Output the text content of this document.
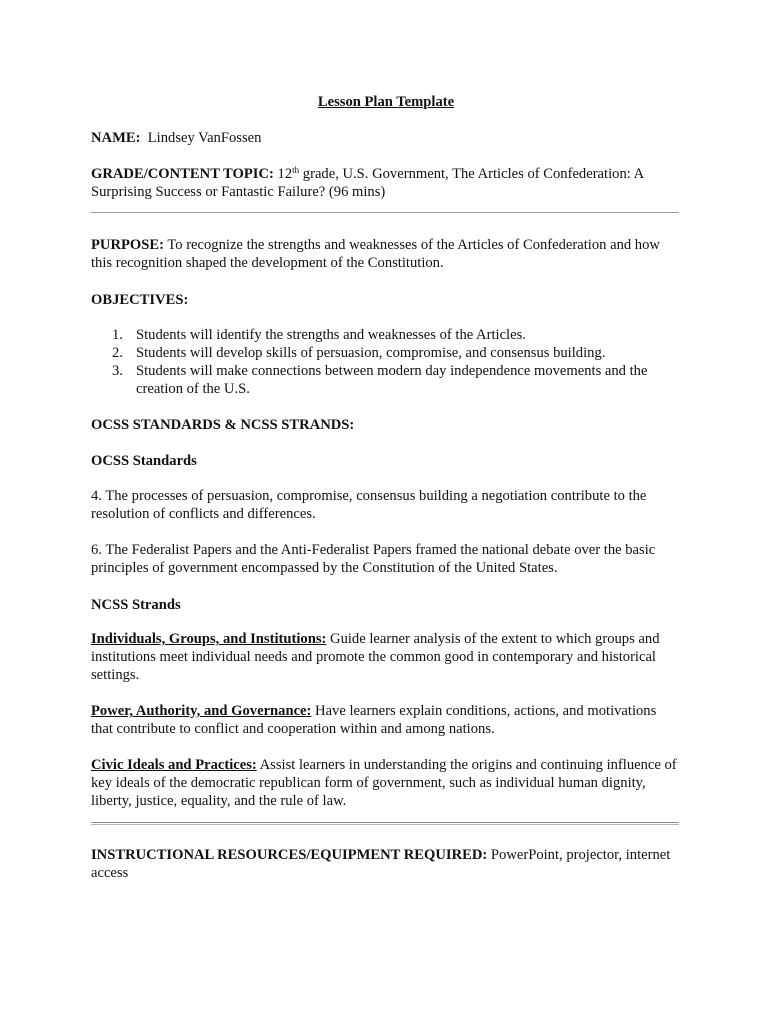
Lesson Plan Template

NAME: Lindsey VanFossen

GRADE/CONTENT TOPIC: 12th grade, U.S. Government, The Articles of Confederation: A Surprising Success or Fantastic Failure? (96 mins)

PURPOSE: To recognize the strengths and weaknesses of the Articles of Confederation and how this recognition shaped the development of the Constitution.

OBJECTIVES:

1. Students will identify the strengths and weaknesses of the Articles.
2. Students will develop skills of persuasion, compromise, and consensus building.
3. Students will make connections between modern day independence movements and the creation of the U.S.

OCSS STANDARDS & NCSS STRANDS:

OCSS Standards

4. The processes of persuasion, compromise, consensus building a negotiation contribute to the resolution of conflicts and differences.

6. The Federalist Papers and the Anti-Federalist Papers framed the national debate over the basic principles of government encompassed by the Constitution of the United States.

NCSS Strands

Individuals, Groups, and Institutions: Guide learner analysis of the extent to which groups and institutions meet individual needs and promote the common good in contemporary and historical settings.

Power, Authority, and Governance: Have learners explain conditions, actions, and motivations that contribute to conflict and cooperation within and among nations.

Civic Ideals and Practices: Assist learners in understanding the origins and continuing influence of key ideals of the democratic republican form of government, such as individual human dignity, liberty, justice, equality, and the rule of law.

INSTRUCTIONAL RESOURCES/EQUIPMENT REQUIRED: PowerPoint, projector, internet access
